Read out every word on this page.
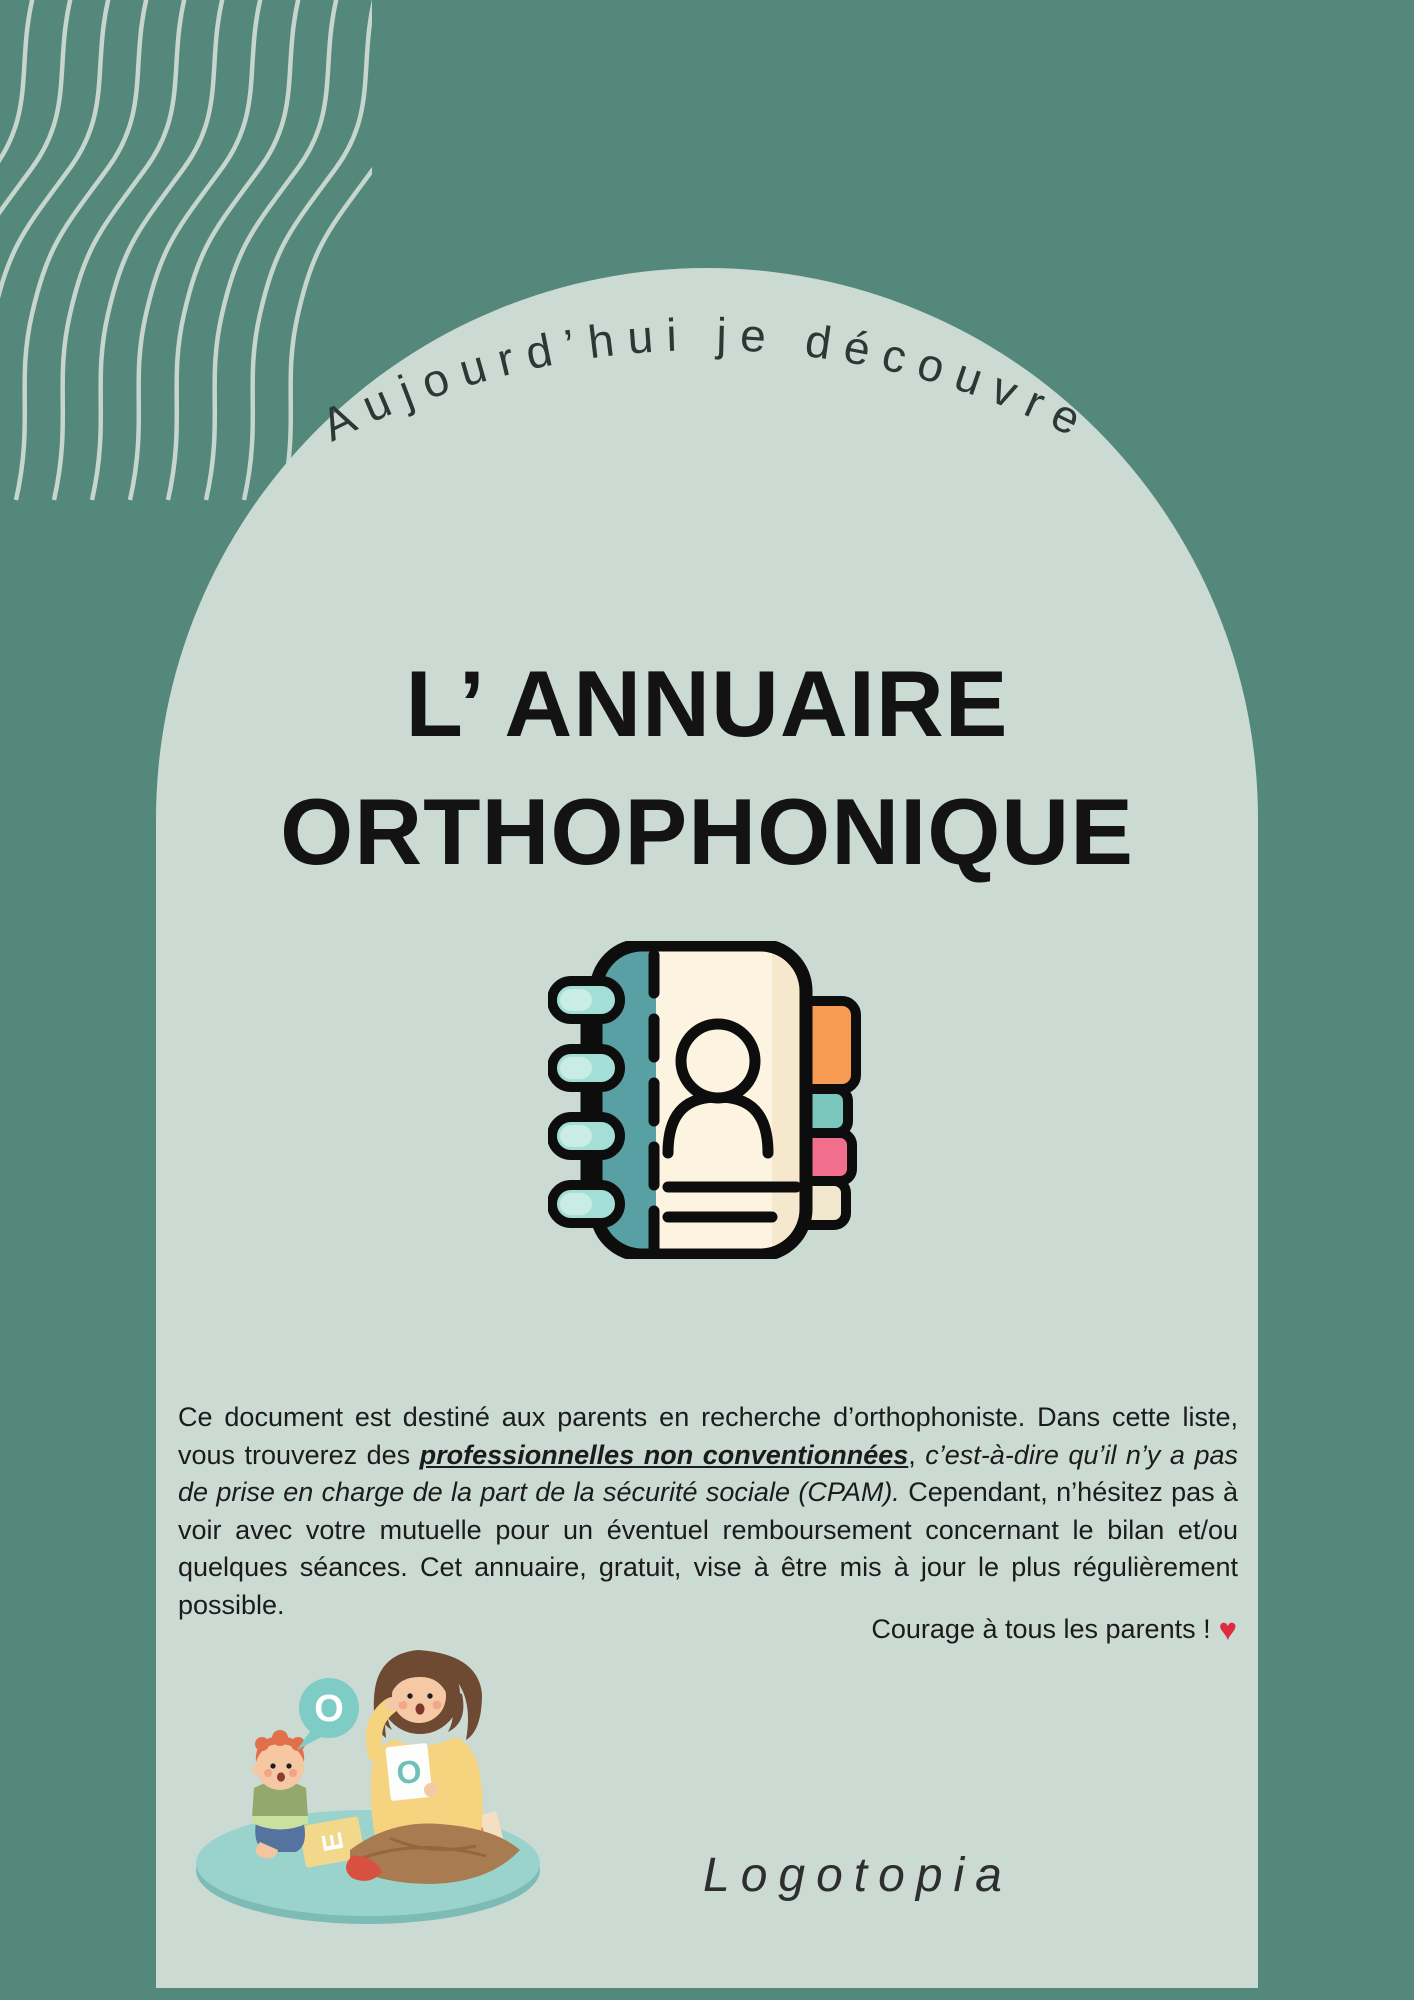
Aujourd’hui je découvre
L’ ANNUAIRE
ORTHOPHONIQUE

Ce document est destiné aux parents en recherche d’orthophoniste. Dans cette liste, vous trouverez des professionnelles non conventionnées, c’est-à-dire qu’il n’y a pas de prise en charge de la part de la sécurité sociale (CPAM). Cependant, n’hésitez pas à voir avec votre mutuelle pour un éventuel remboursement concernant le bilan et/ou quelques séances. Cet annuaire, gratuit, vise à être mis à jour le plus régulièrement possible.

Courage à tous les parents ! ♥
Logotopia
E
O
O
